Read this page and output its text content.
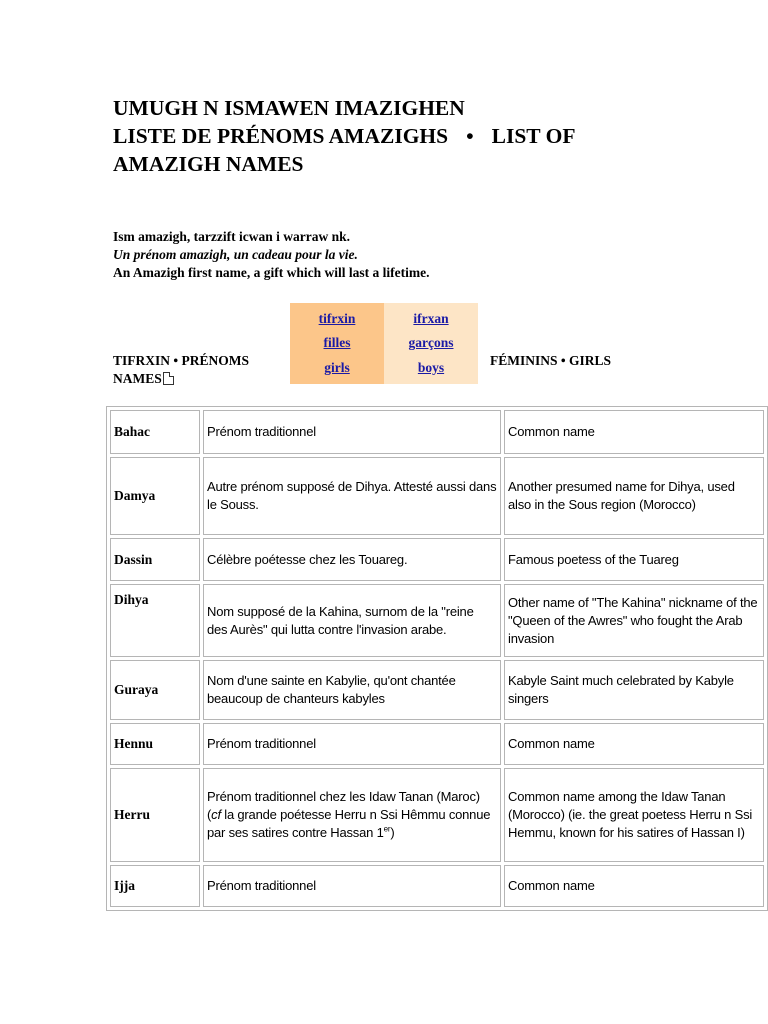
UMUGH N ISMAWEN IMAZIGHEN
LISTE DE PRÉNOMS AMAZIGHS • LIST OF
AMAZIGH NAMES
Ism amazigh, tarzzift icwan i warraw nk.
Un prénom amazigh, un cadeau pour la vie.
An Amazigh first name, a gift which will last a lifetime.
tifrxin
filles
girls
ifrxan
garçons
boys
TIFRXIN • PRÉNOMS
NAMES
FÉMININS • GIRLS
Bahac	Prénom traditionnel	Common name
Damya	Autre prénom supposé de Dihya. Attesté aussi dans le Souss.	Another presumed name for Dihya, used also in the Sous region (Morocco)
Dassin	Célèbre poétesse chez les Touareg.	Famous poetess of the Tuareg
Dihya	Nom supposé de la Kahina, surnom de la "reine des Aurès" qui lutta contre l'invasion arabe.	Other name of "The Kahina" nickname of the "Queen of the Awres" who fought the Arab invasion
Guraya	Nom d'une sainte en Kabylie, qu'ont chantée beaucoup de chanteurs kabyles	Kabyle Saint much celebrated by Kabyle singers
Hennu	Prénom traditionnel	Common name
Herru	Prénom traditionnel chez les Idaw Tanan (Maroc) (cf la grande poétesse Herru n Ssi Hêmmu connue par ses satires contre Hassan 1er)	Common name among the Idaw Tanan (Morocco) (ie. the great poetess Herru n Ssi Hemmu, known for his satires of Hassan I)
Ijja	Prénom traditionnel	Common name
